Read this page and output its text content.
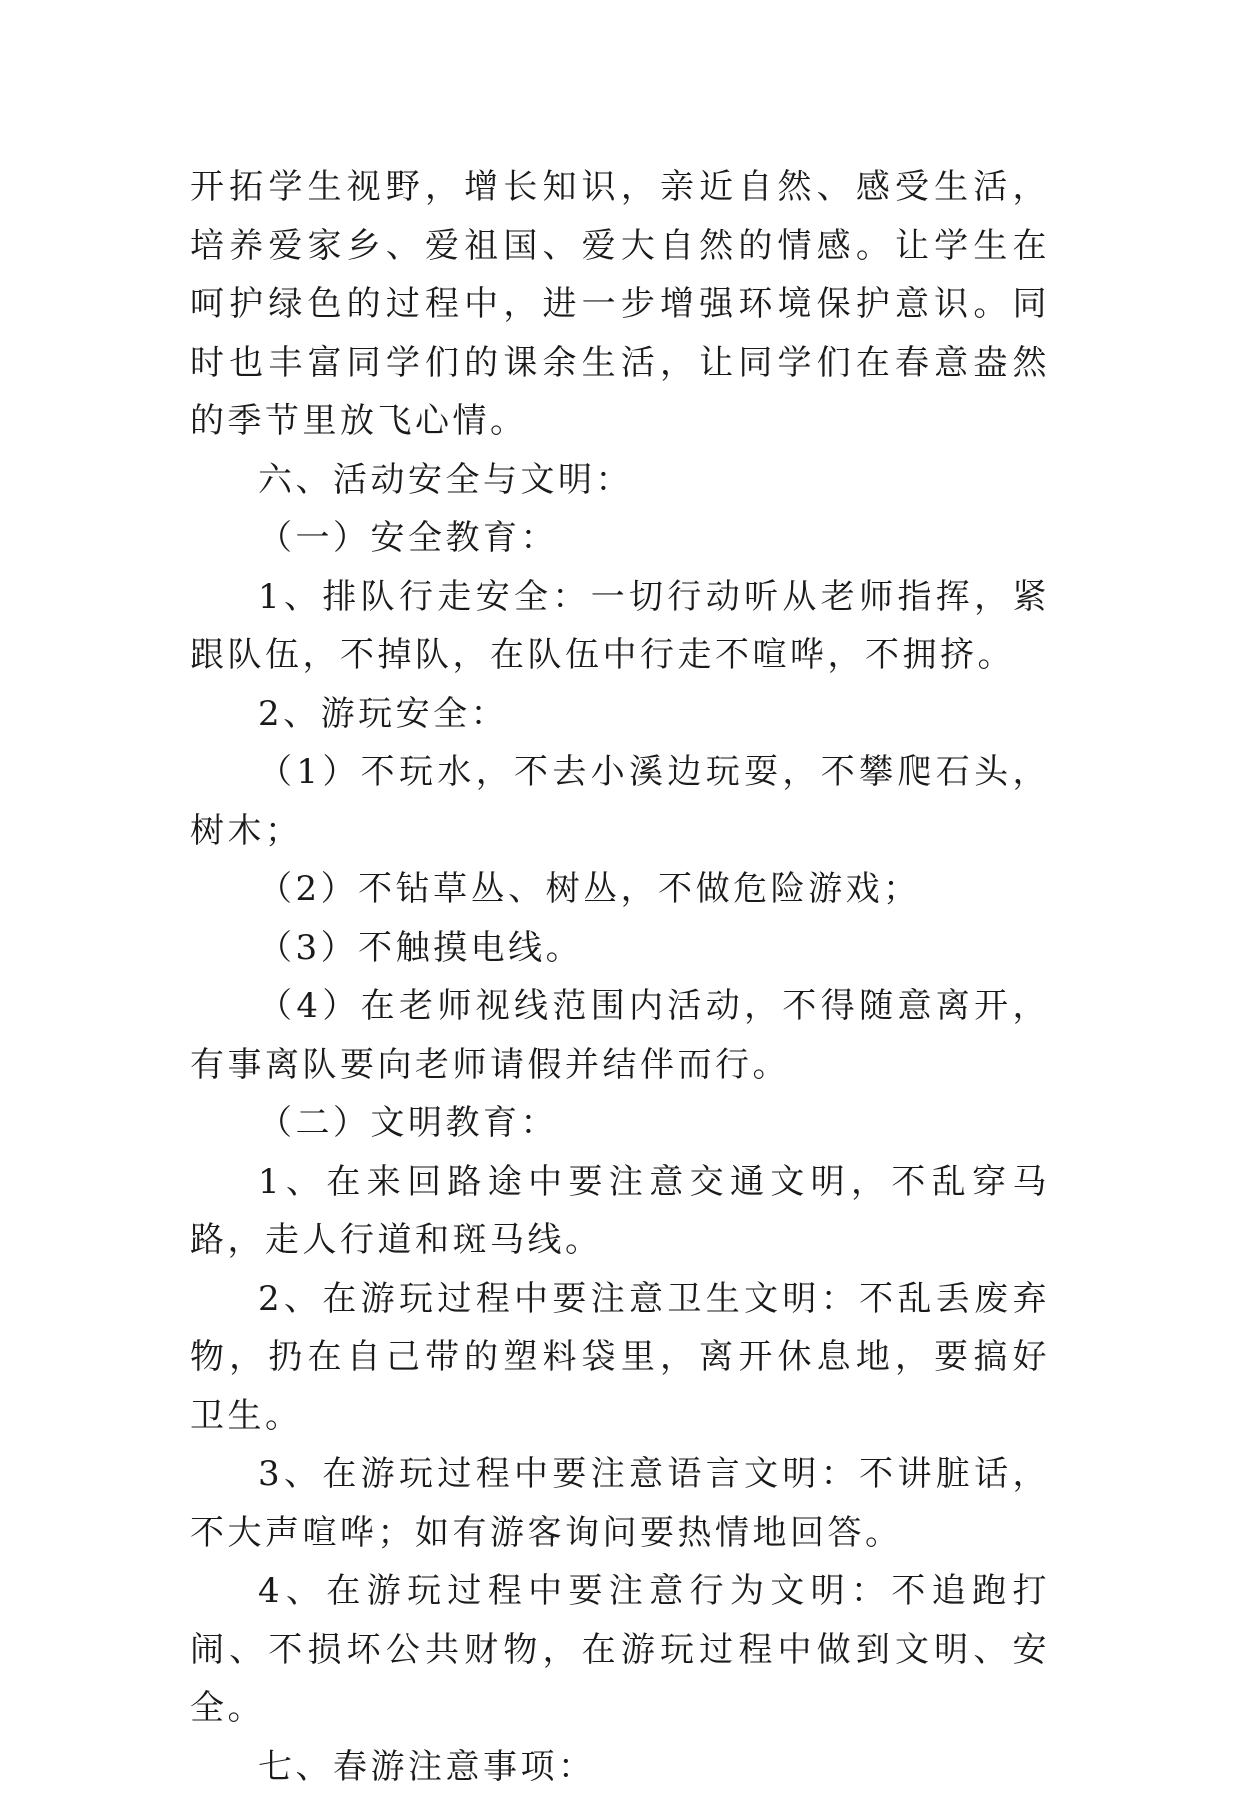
开拓学生视野，增长知识，亲近自然、感受生活，培养爱家乡、爱祖国、爱大自然的情感。让学生在呵护绿色的过程中，进一步增强环境保护意识。同时也丰富同学们的课余生活，让同学们在春意盎然的季节里放飞心情。

六、活动安全与文明：

（一）安全教育：

1、排队行走安全：一切行动听从老师指挥，紧跟队伍，不掉队，在队伍中行走不喧哗，不拥挤。

2、游玩安全：

（1）不玩水，不去小溪边玩耍，不攀爬石头，树木；

（2）不钻草丛、树丛，不做危险游戏；

（3）不触摸电线。

（4）在老师视线范围内活动，不得随意离开，有事离队要向老师请假并结伴而行。

（二）文明教育：

1、在来回路途中要注意交通文明，不乱穿马路，走人行道和斑马线。

2、在游玩过程中要注意卫生文明：不乱丢废弃物，扔在自己带的塑料袋里，离开休息地，要搞好卫生。

3、在游玩过程中要注意语言文明：不讲脏话，不大声喧哗；如有游客询问要热情地回答。

4、在游玩过程中要注意行为文明：不追跑打闹、不损坏公共财物，在游玩过程中做到文明、安全。

七、春游注意事项：
